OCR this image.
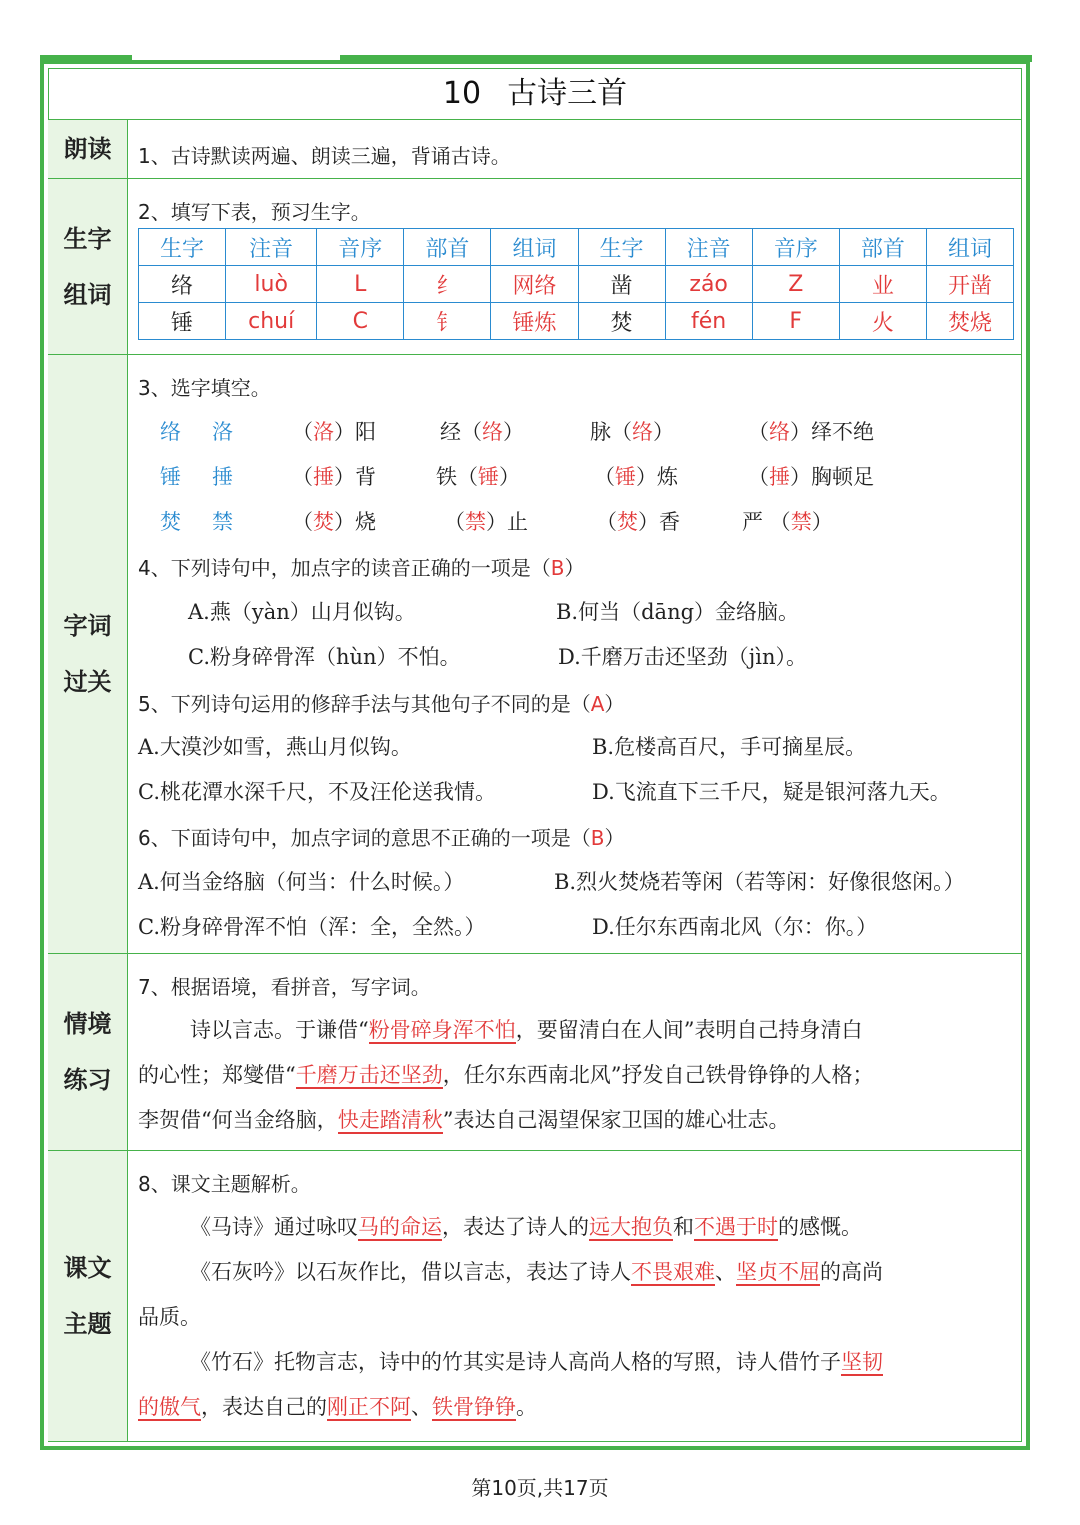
10 古诗三首
朗读 1、古诗默读两遍、朗读三遍，背诵古诗。
生字
组词
2、填写下表，预习生字。
生字	注音	音序	部首	组词	生字	注音	音序	部首	组词
络	luò	L	纟	网络	凿	záo	Z	业	开凿
锤	chuí	C	钅	锤炼	焚	fén	F	火	焚烧
字词
过关
3、选字填空。
络 洛	（洛）阳	经（络）	脉（络）	（络）绎不绝
锤 捶	（捶）背	铁（锤）	（锤）炼	（捶）胸顿足
焚 禁	（焚）烧	（禁）止	（焚）香	严 （禁）
4、下列诗句中，加点字的读音正确的一项是（B）
A.燕（yàn）山月似钩。	B.何当（dāng）金络脑。
C.粉身碎骨浑（hùn）不怕。	D.千磨万击还坚劲（jìn）。
5、下列诗句运用的修辞手法与其他句子不同的是（A）
A.大漠沙如雪，燕山月似钩。	B.危楼高百尺，手可摘星辰。
C.桃花潭水深千尺，不及汪伦送我情。	D.飞流直下三千尺，疑是银河落九天。
6、下面诗句中，加点字词的意思不正确的一项是（B）
A.何当金络脑（何当：什么时候。）	B.烈火焚烧若等闲（若等闲：好像很悠闲。）
C.粉身碎骨浑不怕（浑：全，全然。）	D.任尔东西南北风（尔：你。）
情境
练习
7、根据语境，看拼音，写字词。
诗以言志。于谦借“粉骨碎身浑不怕，要留清白在人间”表明自己持身清白
的心性；郑燮借“千磨万击还坚劲，任尔东西南北风”抒发自己铁骨铮铮的人格；
李贺借“何当金络脑，快走踏清秋”表达自己渴望保家卫国的雄心壮志。
课文
主题
8、课文主题解析。
《马诗》通过咏叹马的命运，表达了诗人的远大抱负和不遇于时的感慨。
《石灰吟》以石灰作比，借以言志，表达了诗人不畏艰难、坚贞不屈的高尚
品质。
《竹石》托物言志，诗中的竹其实是诗人高尚人格的写照，诗人借竹子坚韧
的傲气，表达自己的刚正不阿、铁骨铮铮。
第10页,共17页
